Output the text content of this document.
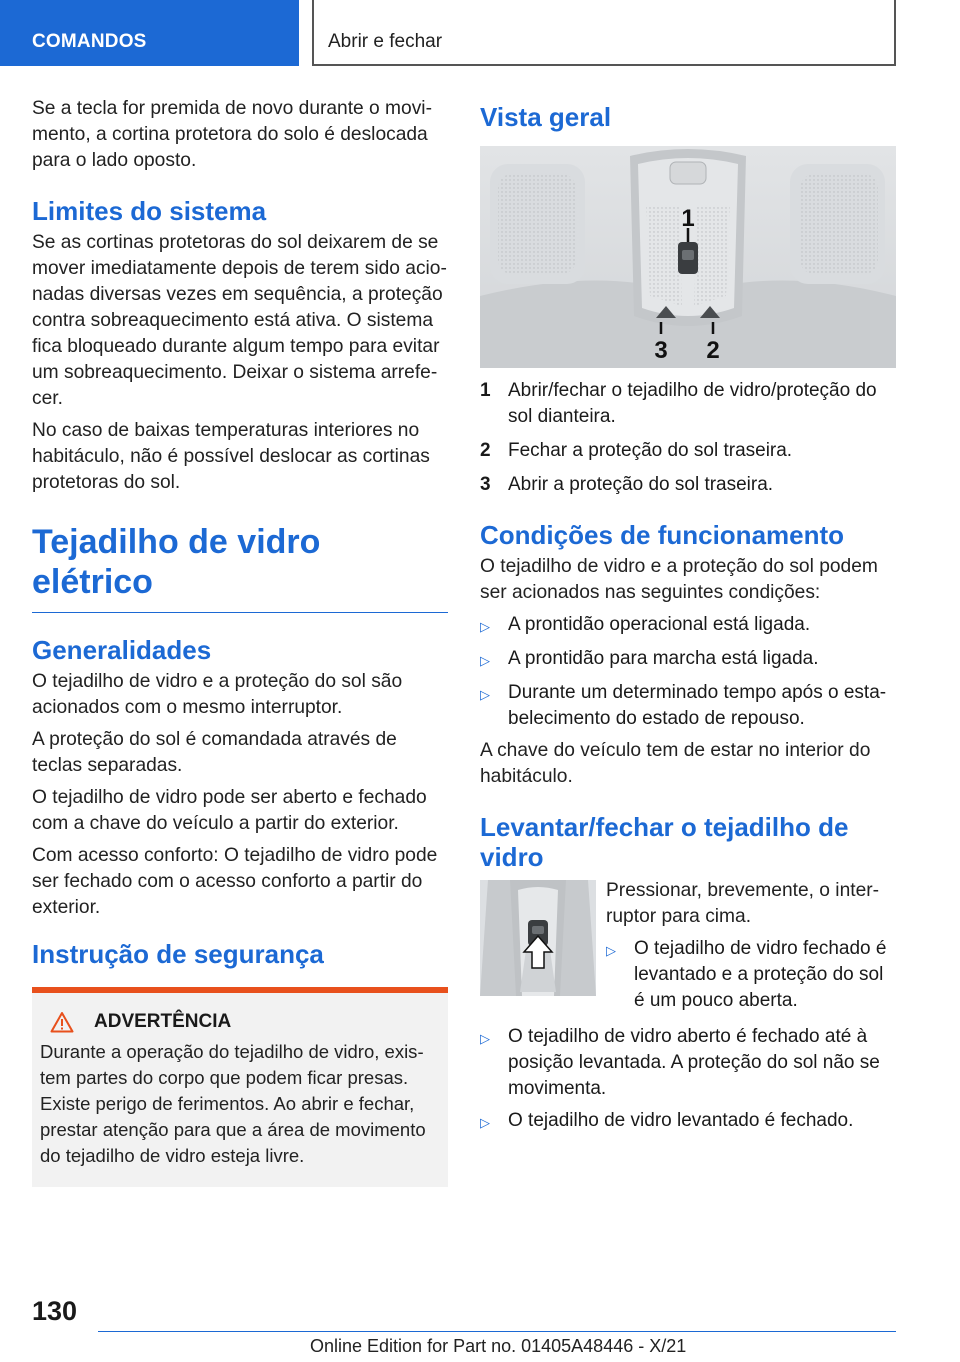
COMANDOS	Abrir e fechar

Se a tecla for premida de novo durante o movimento, a cortina protetora do solo é deslocada para o lado oposto.

Limites do sistema

Se as cortinas protetoras do sol deixarem de se mover imediatamente depois de terem sido acionadas diversas vezes em sequência, a proteção contra sobreaquecimento está ativa. O sistema fica bloqueado durante algum tempo para evitar um sobreaquecimento. Deixar o sistema arrefecer.

No caso de baixas temperaturas interiores no habitáculo, não é possível deslocar as cortinas protetoras do sol.

Tejadilho de vidro elétrico
Generalidades

O tejadilho de vidro e a proteção do sol são acionados com o mesmo interruptor.

A proteção do sol é comandada através de teclas separadas.

O tejadilho de vidro pode ser aberto e fechado com a chave do veículo a partir do exterior.

Com acesso conforto: O tejadilho de vidro pode ser fechado com o acesso conforto a partir do exterior.

Instrução de segurança
ADVERTÊNCIA

Durante a operação do tejadilho de vidro, existem partes do corpo que podem ficar presas. Existe perigo de ferimentos. Ao abrir e fechar, prestar atenção para que a área de movimento do tejadilho de vidro esteja livre.

Vista geral
1
2
3
1 Abrir/fechar o tejadilho de vidro/proteção do sol dianteira.
2 Fechar a proteção do sol traseira.
3 Abrir a proteção do sol traseira.
Condições de funcionamento

O tejadilho de vidro e a proteção do sol podem ser acionados nas seguintes condições:

▷ A prontidão operacional está ligada.
▷ A prontidão para marcha está ligada.
▷ Durante um determinado tempo após o estabelecimento do estado de repouso.

A chave do veículo tem de estar no interior do habitáculo.

Levantar/fechar o tejadilho de vidro

Pressionar, brevemente, o interruptor para cima.

▷ O tejadilho de vidro fechado é levantado e a proteção do sol é um pouco aberta.
▷ O tejadilho de vidro aberto é fechado até à posição levantada. A proteção do sol não se movimenta.
▷ O tejadilho de vidro levantado é fechado.
130
Online Edition for Part no. 01405A48446 - X/21
